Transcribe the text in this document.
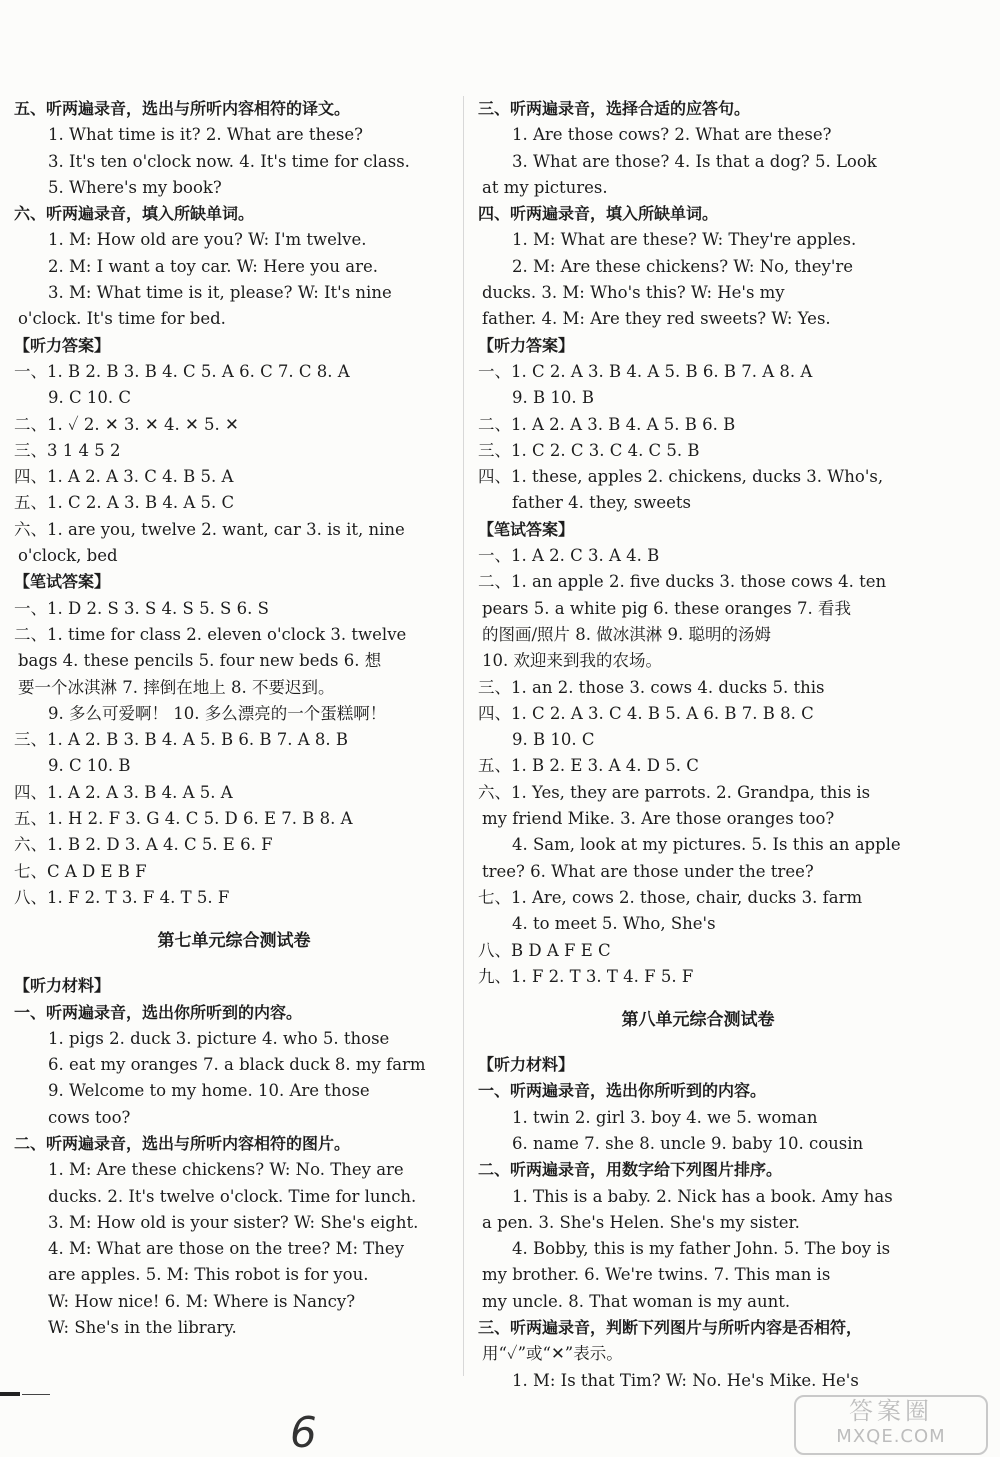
五、听两遍录音，选出与所听内容相符的译文。
1. What time is it? 2. What are these?
3. It's ten o'clock now. 4. It's time for class.
5. Where's my book?
六、听两遍录音，填入所缺单词。
1. M: How old are you? W: I'm twelve.
2. M: I want a toy car. W: Here you are.
3. M: What time is it, please? W: It's nine
o'clock. It's time for bed.
【听力答案】
一、1. B 2. B 3. B 4. C 5. A 6. C 7. C 8. A
9. C 10. C
二、1. ✓ 2. ✕ 3. ✕ 4. ✕ 5. ✕
三、3 1 4 5 2
四、1. A 2. A 3. C 4. B 5. A
五、1. C 2. A 3. B 4. A 5. C
六、1. are you, twelve 2. want, car 3. is it, nine
o'clock, bed
【笔试答案】
一、1. D 2. S 3. S 4. S 5. S 6. S
二、1. time for class 2. eleven o'clock 3. twelve
bags 4. these pencils 5. four new beds 6. 想
要一个冰淇淋 7. 摔倒在地上 8. 不要迟到。
9. 多么可爱啊！ 10. 多么漂亮的一个蛋糕啊！
三、1. A 2. B 3. B 4. A 5. B 6. B 7. A 8. B
9. C 10. B
四、1. A 2. A 3. B 4. A 5. A
五、1. H 2. F 3. G 4. C 5. D 6. E 7. B 8. A
六、1. B 2. D 3. A 4. C 5. E 6. F
七、C A D E B F
八、1. F 2. T 3. F 4. T 5. F
第七单元综合测试卷
【听力材料】
一、听两遍录音，选出你所听到的内容。
1. pigs 2. duck 3. picture 4. who 5. those
6. eat my oranges 7. a black duck 8. my farm
9. Welcome to my home. 10. Are those
cows too?
二、听两遍录音，选出与所听内容相符的图片。
1. M: Are these chickens? W: No. They are
ducks. 2. It's twelve o'clock. Time for lunch.
3. M: How old is your sister? W: She's eight.
4. M: What are those on the tree? M: They
are apples. 5. M: This robot is for you.
W: How nice! 6. M: Where is Nancy?
W: She's in the library.
三、听两遍录音，选择合适的应答句。
1. Are those cows? 2. What are these?
3. What are those? 4. Is that a dog? 5. Look
at my pictures.
四、听两遍录音，填入所缺单词。
1. M: What are these? W: They're apples.
2. M: Are these chickens? W: No, they're
ducks. 3. M: Who's this? W: He's my
father. 4. M: Are they red sweets? W: Yes.
【听力答案】
一、1. C 2. A 3. B 4. A 5. B 6. B 7. A 8. A
9. B 10. B
二、1. A 2. A 3. B 4. A 5. B 6. B
三、1. C 2. C 3. C 4. C 5. B
四、1. these, apples 2. chickens, ducks 3. Who's,
father 4. they, sweets
【笔试答案】
一、1. A 2. C 3. A 4. B
二、1. an apple 2. five ducks 3. those cows 4. ten
pears 5. a white pig 6. these oranges 7. 看我
的图画/照片 8. 做冰淇淋 9. 聪明的汤姆
10. 欢迎来到我的农场。
三、1. an 2. those 3. cows 4. ducks 5. this
四、1. C 2. A 3. C 4. B 5. A 6. B 7. B 8. C
9. B 10. C
五、1. B 2. E 3. A 4. D 5. C
六、1. Yes, they are parrots. 2. Grandpa, this is
my friend Mike. 3. Are those oranges too?
4. Sam, look at my pictures. 5. Is this an apple
tree? 6. What are those under the tree?
七、1. Are, cows 2. those, chair, ducks 3. farm
4. to meet 5. Who, She's
八、B D A F E C
九、1. F 2. T 3. T 4. F 5. F
第八单元综合测试卷
【听力材料】
一、听两遍录音，选出你所听到的内容。
1. twin 2. girl 3. boy 4. we 5. woman
6. name 7. she 8. uncle 9. baby 10. cousin
二、听两遍录音，用数字给下列图片排序。
1. This is a baby. 2. Nick has a book. Amy has
a pen. 3. She's Helen. She's my sister.
4. Bobby, this is my father John. 5. The boy is
my brother. 6. We're twins. 7. This man is
my uncle. 8. That woman is my aunt.
三、听两遍录音，判断下列图片与所听内容是否相符，
用“✓”或“✕”表示。
1. M: Is that Tim? W: No. He's Mike. He's
6	答案圈
MXQE.COM
